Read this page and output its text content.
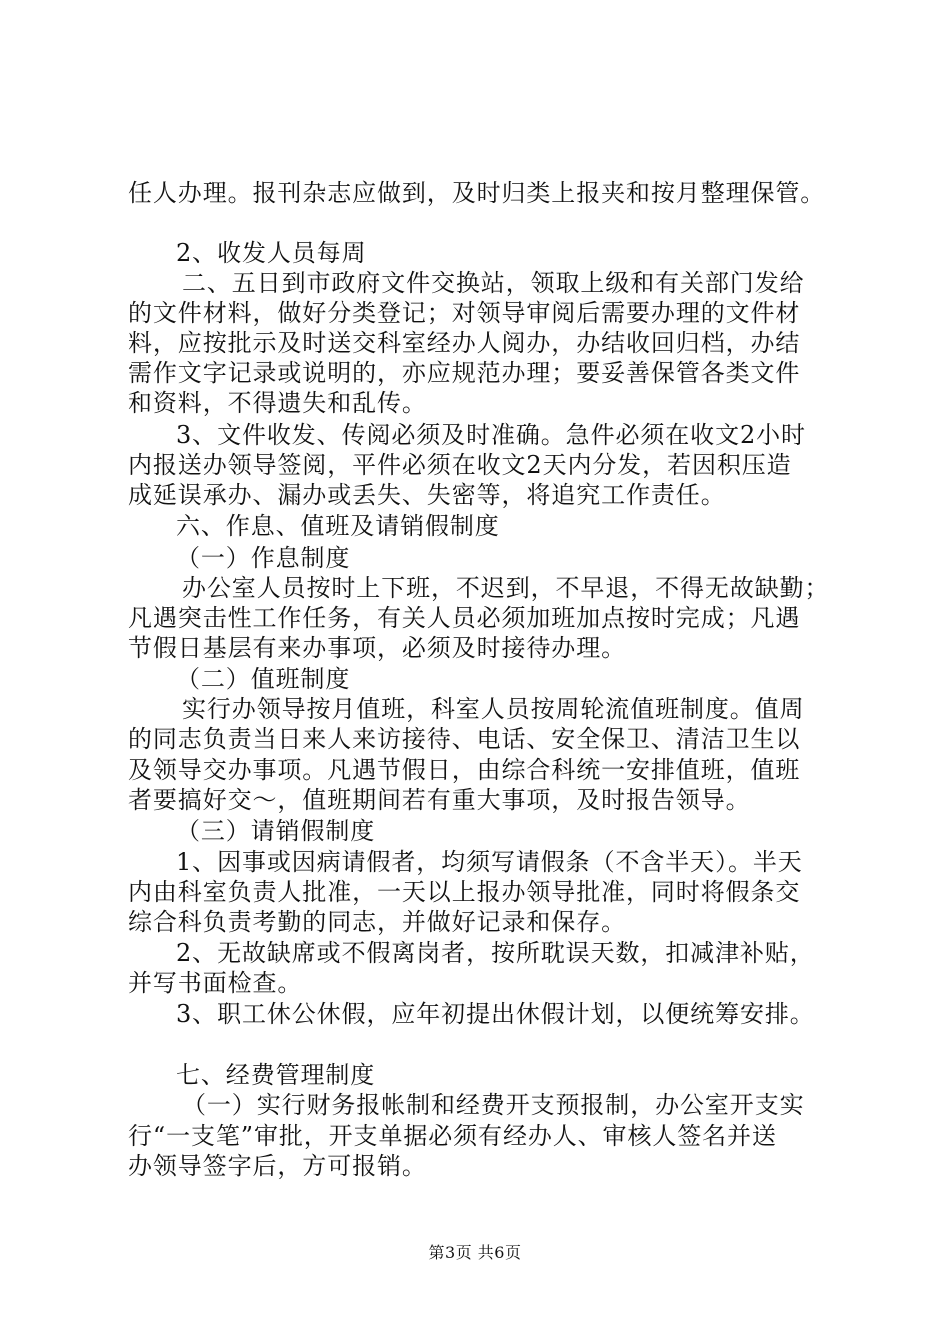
任人办理。报刊杂志应做到，及时归类上报夹和按月整理保管。
2、收发人员每周
二、五日到市政府文件交换站，领取上级和有关部门发给
的文件材料，做好分类登记；对领导审阅后需要办理的文件材
料，应按批示及时送交科室经办人阅办，办结收回归档，办结
需作文字记录或说明的，亦应规范办理；要妥善保管各类文件
和资料，不得遗失和乱传。
3、文件收发、传阅必须及时准确。急件必须在收文2小时
内报送办领导签阅，平件必须在收文2天内分发，若因积压造
成延误承办、漏办或丢失、失密等，将追究工作责任。
六、作息、值班及请销假制度
（一）作息制度
办公室人员按时上下班，不迟到，不早退，不得无故缺勤；
凡遇突击性工作任务，有关人员必须加班加点按时完成；凡遇
节假日基层有来办事项，必须及时接待办理。
（二）值班制度
实行办领导按月值班，科室人员按周轮流值班制度。值周
的同志负责当日来人来访接待、电话、安全保卫、清洁卫生以
及领导交办事项。凡遇节假日，由综合科统一安排值班，值班
者要搞好交～，值班期间若有重大事项，及时报告领导。
（三）请销假制度
1、因事或因病请假者，均须写请假条（不含半天）。半天
内由科室负责人批准，一天以上报办领导批准，同时将假条交
综合科负责考勤的同志，并做好记录和保存。
2、无故缺席或不假离岗者，按所耽误天数，扣减津补贴，
并写书面检查。
3、职工休公休假，应年初提出休假计划，以便统筹安排。
七、经费管理制度
（一）实行财务报帐制和经费开支预报制，办公室开支实
行“一支笔”审批，开支单据必须有经办人、审核人签名并送
办领导签字后，方可报销。
第3页 共6页
